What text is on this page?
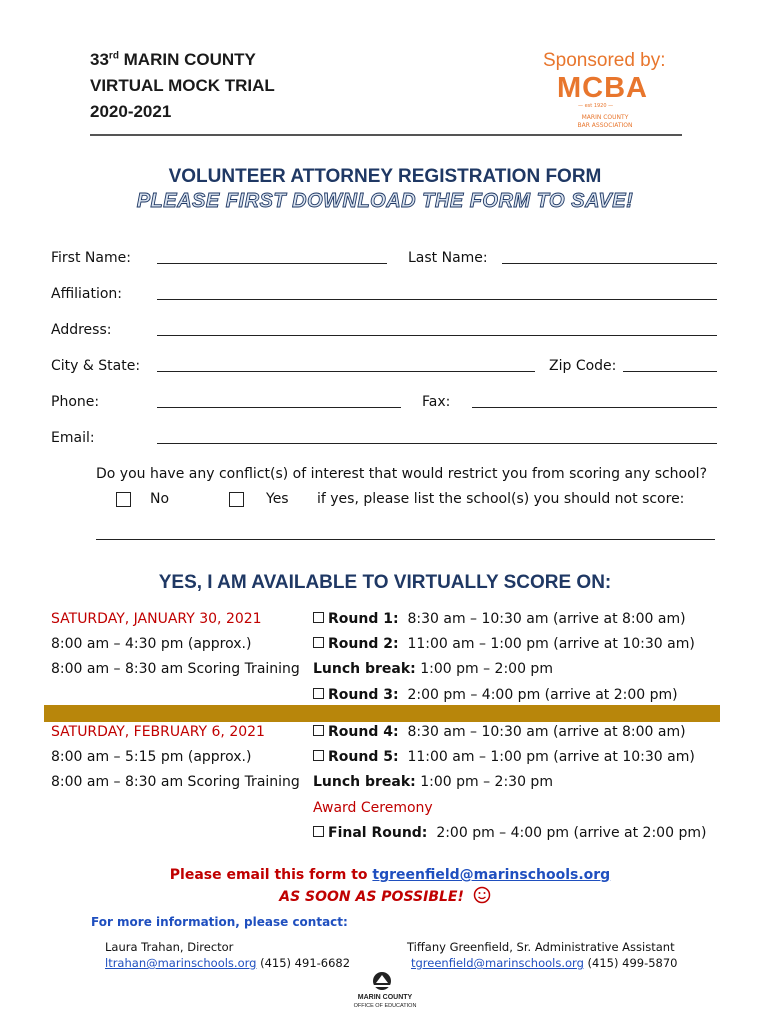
33rd MARIN COUNTY
VIRTUAL MOCK TRIAL
2020-2021
Sponsored by:
MCBA
— est 1920 —
MARIN COUNTY
BAR ASSOCIATION
VOLUNTEER ATTORNEY REGISTRATION FORM
PLEASE FIRST DOWNLOAD THE FORM TO SAVE!
First Name:	Last Name:
Affiliation:
Address:
City & State:	Zip Code:
Phone:	Fax:
Email:
Do you have any conflict(s) of interest that would restrict you from scoring any school?
No	Yes if yes, please list the school(s) you should not score:
YES, I AM AVAILABLE TO VIRTUALLY SCORE ON:
SATURDAY, JANUARY 30, 2021
8:00 am – 4:30 pm (approx.)
8:00 am – 8:30 am Scoring Training
Round 1: 8:30 am – 10:30 am (arrive at 8:00 am)
Round 2: 11:00 am – 1:00 pm (arrive at 10:30 am)
Lunch break: 1:00 pm – 2:00 pm
Round 3: 2:00 pm – 4:00 pm (arrive at 2:00 pm)
SATURDAY, FEBRUARY 6, 2021
8:00 am – 5:15 pm (approx.)
8:00 am – 8:30 am Scoring Training
Round 4: 8:30 am – 10:30 am (arrive at 8:00 am)
Round 5: 11:00 am – 1:00 pm (arrive at 10:30 am)
Lunch break: 1:00 pm – 2:30 pm
Award Ceremony
Final Round: 2:00 pm – 4:00 pm (arrive at 2:00 pm)
Please email this form to tgreenfield@marinschools.org
AS SOON AS POSSIBLE!
For more information, please contact:
Laura Trahan, Director
ltrahan@marinschools.org (415) 491-6682
Tiffany Greenfield, Sr. Administrative Assistant
tgreenfield@marinschools.org (415) 499-5870
MARIN COUNTY
OFFICE OF EDUCATION
